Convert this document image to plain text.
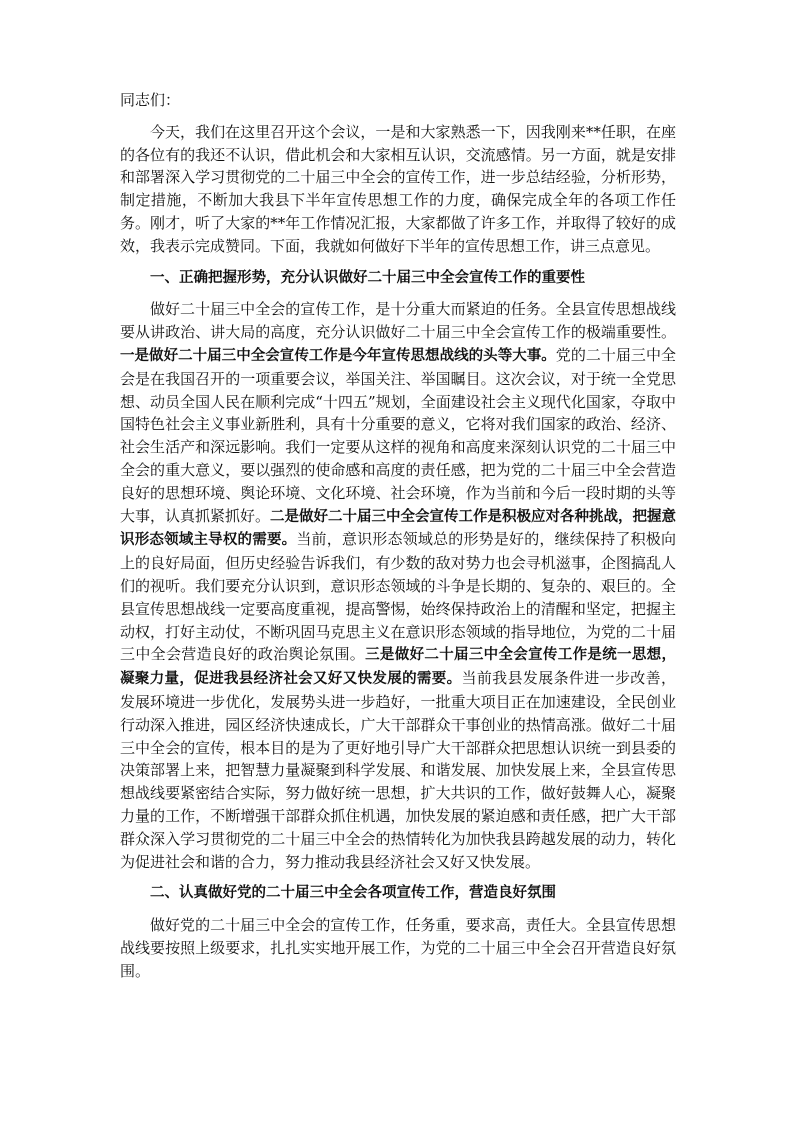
同志们：

今天，我们在这里召开这个会议，一是和大家熟悉一下，因我刚来**任职，在座的各位有的我还不认识，借此机会和大家相互认识，交流感情。另一方面，就是安排和部署深入学习贯彻党的二十届三中全会的宣传工作，进一步总结经验，分析形势，制定措施，不断加大我县下半年宣传思想工作的力度，确保完成全年的各项工作任务。刚才，听了大家的**年工作情况汇报，大家都做了许多工作，并取得了较好的成效，我表示完成赞同。下面，我就如何做好下半年的宣传思想工作，讲三点意见。

一、正确把握形势，充分认识做好二十届三中全会宣传工作的重要性

做好二十届三中全会的宣传工作，是十分重大而紧迫的任务。全县宣传思想战线要从讲政治、讲大局的高度，充分认识做好二十届三中全会宣传工作的极端重要性。一是做好二十届三中全会宣传工作是今年宣传思想战线的头等大事。党的二十届三中全会是在我国召开的一项重要会议，举国关注、举国瞩目。这次会议，对于统一全党思想、动员全国人民在顺利完成“十四五”规划，全面建设社会主义现代化国家，夺取中国特色社会主义事业新胜利，具有十分重要的意义，它将对我们国家的政治、经济、社会生活产和深远影响。我们一定要从这样的视角和高度来深刻认识党的二十届三中全会的重大意义，要以强烈的使命感和高度的责任感，把为党的二十届三中全会营造良好的思想环境、舆论环境、文化环境、社会环境，作为当前和今后一段时期的头等大事，认真抓紧抓好。二是做好二十届三中全会宣传工作是积极应对各种挑战，把握意识形态领域主导权的需要。当前，意识形态领域总的形势是好的，继续保持了积极向上的良好局面，但历史经验告诉我们，有少数的敌对势力也会寻机滋事，企图搞乱人们的视听。我们要充分认识到，意识形态领域的斗争是长期的、复杂的、艰巨的。全县宣传思想战线一定要高度重视，提高警惕，始终保持政治上的清醒和坚定，把握主动权，打好主动仗，不断巩固马克思主义在意识形态领域的指导地位，为党的二十届三中全会营造良好的政治舆论氛围。三是做好二十届三中全会宣传工作是统一思想，凝聚力量，促进我县经济社会又好又快发展的需要。当前我县发展条件进一步改善，发展环境进一步优化，发展势头进一步趋好，一批重大项目正在加速建设，全民创业行动深入推进，园区经济快速成长，广大干部群众干事创业的热情高涨。做好二十届三中全会的宣传，根本目的是为了更好地引导广大干部群众把思想认识统一到县委的决策部署上来，把智慧力量凝聚到科学发展、和谐发展、加快发展上来，全县宣传思想战线要紧密结合实际，努力做好统一思想，扩大共识的工作，做好鼓舞人心，凝聚力量的工作，不断增强干部群众抓住机遇，加快发展的紧迫感和责任感，把广大干部群众深入学习贯彻党的二十届三中全会的热情转化为加快我县跨越发展的动力，转化为促进社会和谐的合力，努力推动我县经济社会又好又快发展。

二、认真做好党的二十届三中全会各项宣传工作，营造良好氛围

做好党的二十届三中全会的宣传工作，任务重，要求高，责任大。全县宣传思想战线要按照上级要求，扎扎实实地开展工作，为党的二十届三中全会召开营造良好氛围。
